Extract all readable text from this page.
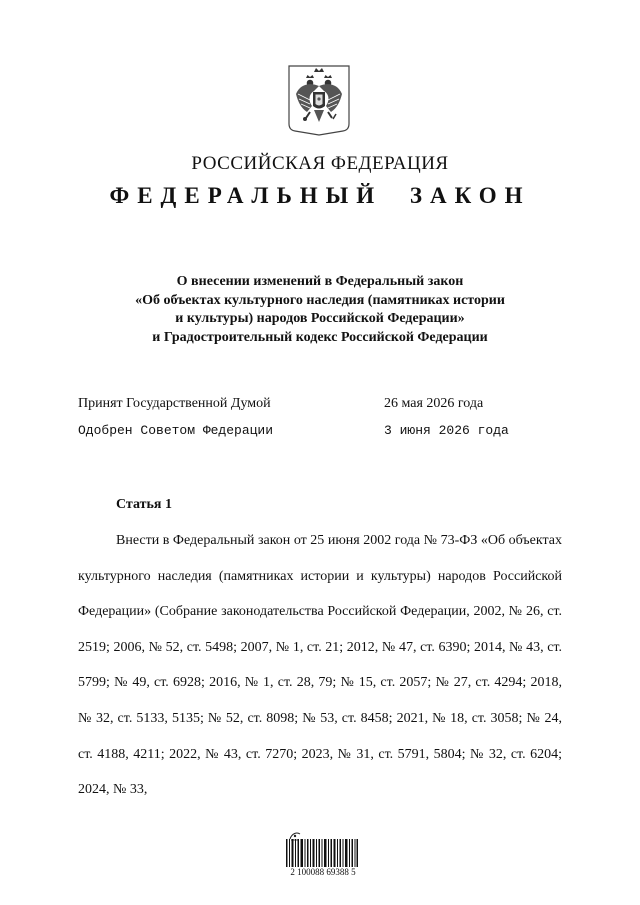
РОССИЙСКАЯ ФЕДЕРАЦИЯ
ФЕДЕРАЛЬНЫЙ ЗАКОН
О внесении изменений в Федеральный закон
«Об объектах культурного наследия (памятниках истории
и культуры) народов Российской Федерации»
и Градостроительный кодекс Российской Федерации
Принят Государственной Думой	26 мая 2026 года
Одобрен Советом Федерации	3 июня 2026 года
Статья 1
Внести в Федеральный закон от 25 июня 2002 года № 73-ФЗ «Об объектах культурного наследия (памятниках истории и культуры) народов Российской Федерации» (Собрание законодательства Российской Федерации, 2002, № 26, ст. 2519; 2006, № 52, ст. 5498; 2007, № 1, ст. 21; 2012, № 47, ст. 6390; 2014, № 43, ст. 5799; № 49, ст. 6928; 2016, № 1, ст. 28, 79; № 15, ст. 2057; № 27, ст. 4294; 2018, № 32, ст. 5133, 5135; № 52, ст. 8098; № 53, ст. 8458; 2021, № 18, ст. 3058; № 24, ст. 4188, 4211; 2022, № 43, ст. 7270; 2023, № 31, ст. 5791, 5804; № 32, ст. 6204; 2024, № 33,
2 100088 69388 5
